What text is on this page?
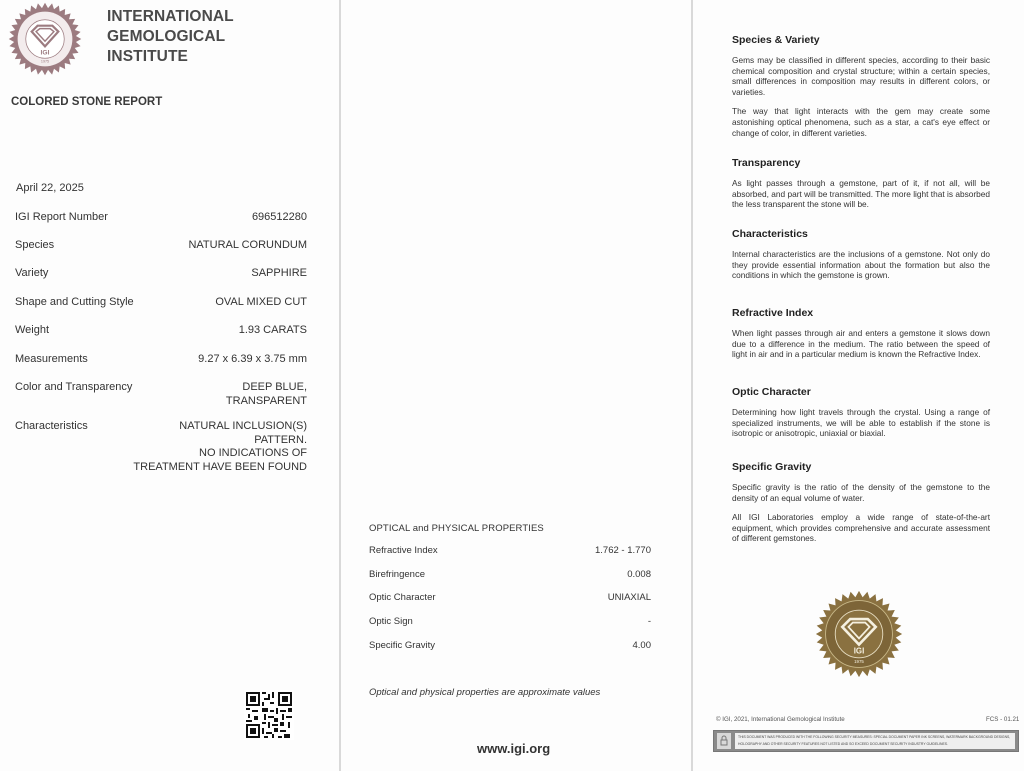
IGI
1975
INTERNATIONAL
GEMOLOGICAL
INSTITUTE
COLORED STONE REPORT
April 22, 2025
IGI Report Number	696512280
Species	NATURAL CORUNDUM
Variety	SAPPHIRE
Shape and Cutting Style	OVAL MIXED CUT
Weight	1.93 CARATS
Measurements	9.27 x 6.39 x 3.75 mm
Color and Transparency	DEEP BLUE,
TRANSPARENT
Characteristics	NATURAL INCLUSION(S)
PATTERN.
NO INDICATIONS OF
TREATMENT HAVE BEEN FOUND
OPTICAL and PHYSICAL PROPERTIES
Refractive Index	1.762 - 1.770
Birefringence	0.008
Optic Character	UNIAXIAL
Optic Sign	-
Specific Gravity	4.00
Optical and physical properties are approximate values
www.igi.org
Species & Variety

Gems may be classified in different species, according to their basic chemical composition and crystal structure; within a certain species, small differences in composition may results in different colors, or varieties.

The way that light interacts with the gem may create some astonishing optical phenomena, such as a star, a cat's eye effect or change of color, in different varieties.

Transparency

As light passes through a gemstone, part of it, if not all, will be absorbed, and part will be transmitted. The more light that is absorbed the less transparent the stone will be.

Characteristics

Internal characteristics are the inclusions of a gemstone. Not only do they provide essential information about the formation but also the conditions in which the gemstone is grown.

Refractive Index

When light passes through air and enters a gemstone it slows down due to a difference in the medium. The ratio between the speed of light in air and in a particular medium is known the Refractive Index.

Optic Character

Determining how light travels through the crystal. Using a range of specialized instruments, we will be able to establish if the stone is isotropic or anisotropic, uniaxial or biaxial.

Specific Gravity

Specific gravity is the ratio of the density of the gemstone to the density of an equal volume of water.

All IGI Laboratories employ a wide range of state-of-the-art equipment, which provides comprehensive and accurate assessment of different gemstones.

IGI
1975
© IGI, 2021, International Gemological Institute	FCS - 01.21
THIS DOCUMENT WAS PRODUCED WITH THE FOLLOWING SECURITY MEASURES: SPECIAL DOCUMENT PAPER INK SCREENS, WATERMARK BACKGROUND DESIGNS, HOLOGRAPHY AND OTHER SECURITY FEATURES NOT LISTED AND SO EXCEED DOCUMENT SECURITY INDUSTRY GUIDELINES.
